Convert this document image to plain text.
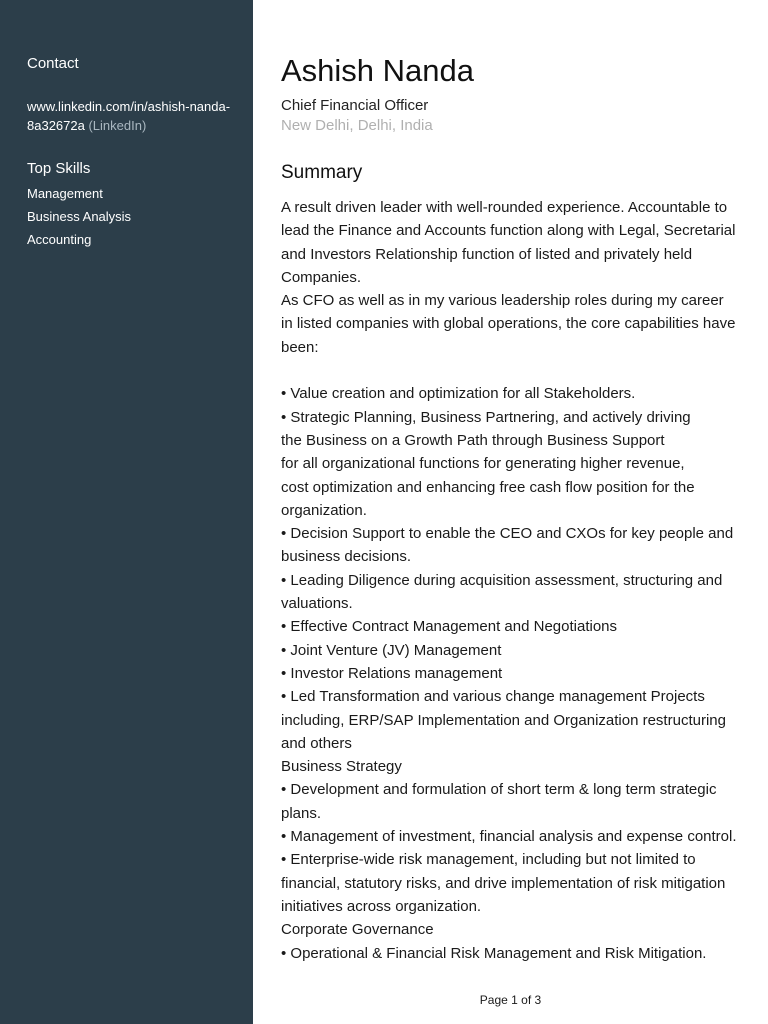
Contact

www.linkedin.com/in/ashish-nanda-8a32672a (LinkedIn)

Top Skills
Management
Business Analysis
Accounting
Ashish Nanda

Chief Financial Officer

New Delhi, Delhi, India

Summary
A result driven leader with well-rounded experience. Accountable to
lead the Finance and Accounts function along with Legal, Secretarial
and Investors Relationship function of listed and privately held
Companies.
As CFO as well as in my various leadership roles during my career
in listed companies with global operations, the core capabilities have
been:
• Value creation and optimization for all Stakeholders.
• Strategic Planning, Business Partnering, and actively driving
the Business on a Growth Path through Business Support
for all organizational functions for generating higher revenue,
cost optimization and enhancing free cash flow position for the
organization.
• Decision Support to enable the CEO and CXOs for key people and
business decisions.
• Leading Diligence during acquisition assessment, structuring and
valuations.
• Effective Contract Management and Negotiations
• Joint Venture (JV) Management
• Investor Relations management
• Led Transformation and various change management Projects
including, ERP/SAP Implementation and Organization restructuring
and others
Business Strategy
• Development and formulation of short term & long term strategic
plans.
• Management of investment, financial analysis and expense control.
• Enterprise-wide risk management, including but not limited to
financial, statutory risks, and drive implementation of risk mitigation
initiatives across organization.
Corporate Governance
• Operational & Financial Risk Management and Risk Mitigation.
Page 1 of 3
